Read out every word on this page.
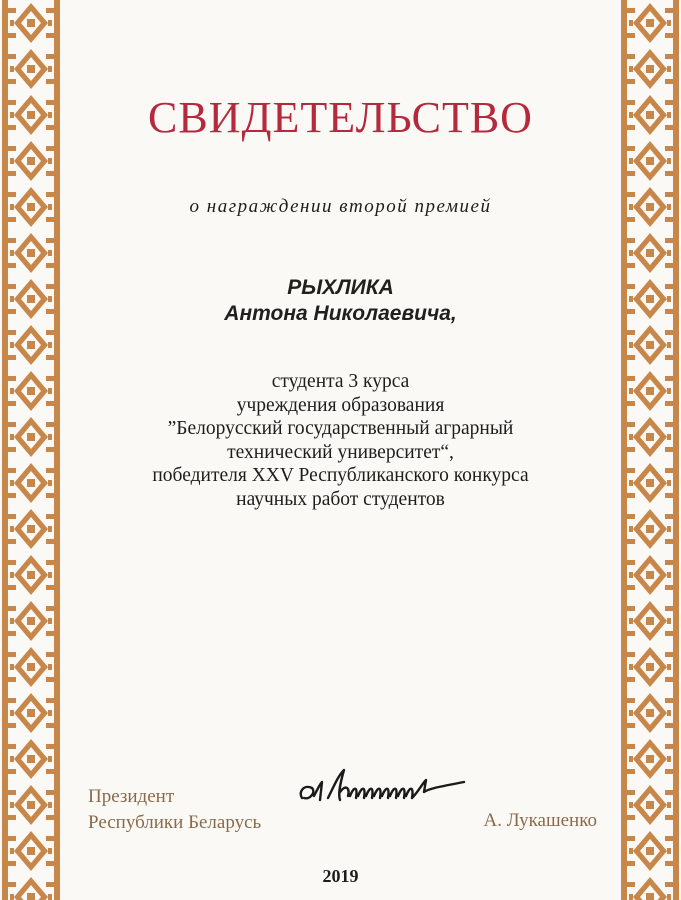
СВИДЕТЕЛЬСТВО
о награждении второй премией
РЫХЛИКА
Антона Николаевича,
студента 3 курса
учреждения образования
”Белорусский государственный аграрный
технический университет“,
победителя XXV Республиканского конкурса
научных работ студентов
Президент
Республики Беларусь	А. Лукашенко
2019
